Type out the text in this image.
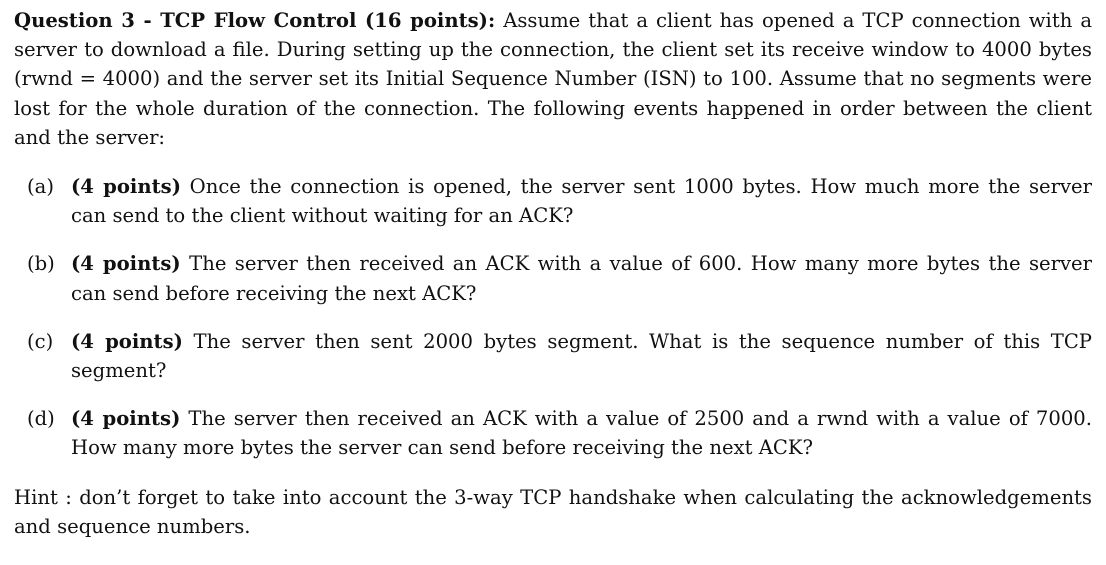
Question 3 - TCP Flow Control (16 points): Assume that a client has opened a TCP connection with a server to download a file. During setting up the connection, the client set its receive window to 4000 bytes (rwnd = 4000) and the server set its Initial Sequence Number (ISN) to 100. Assume that no segments were lost for the whole duration of the connection. The following events happened in order between the client and the server:

(a) (4 points) Once the connection is opened, the server sent 1000 bytes. How much more the server can send to the client without waiting for an ACK?
(b) (4 points) The server then received an ACK with a value of 600. How many more bytes the server can send before receiving the next ACK?
(c) (4 points) The server then sent 2000 bytes segment. What is the sequence number of this TCP segment?
(d) (4 points) The server then received an ACK with a value of 2500 and a rwnd with a value of 7000. How many more bytes the server can send before receiving the next ACK?

Hint : don’t forget to take into account the 3-way TCP handshake when calculating the acknowledgements and sequence numbers.
